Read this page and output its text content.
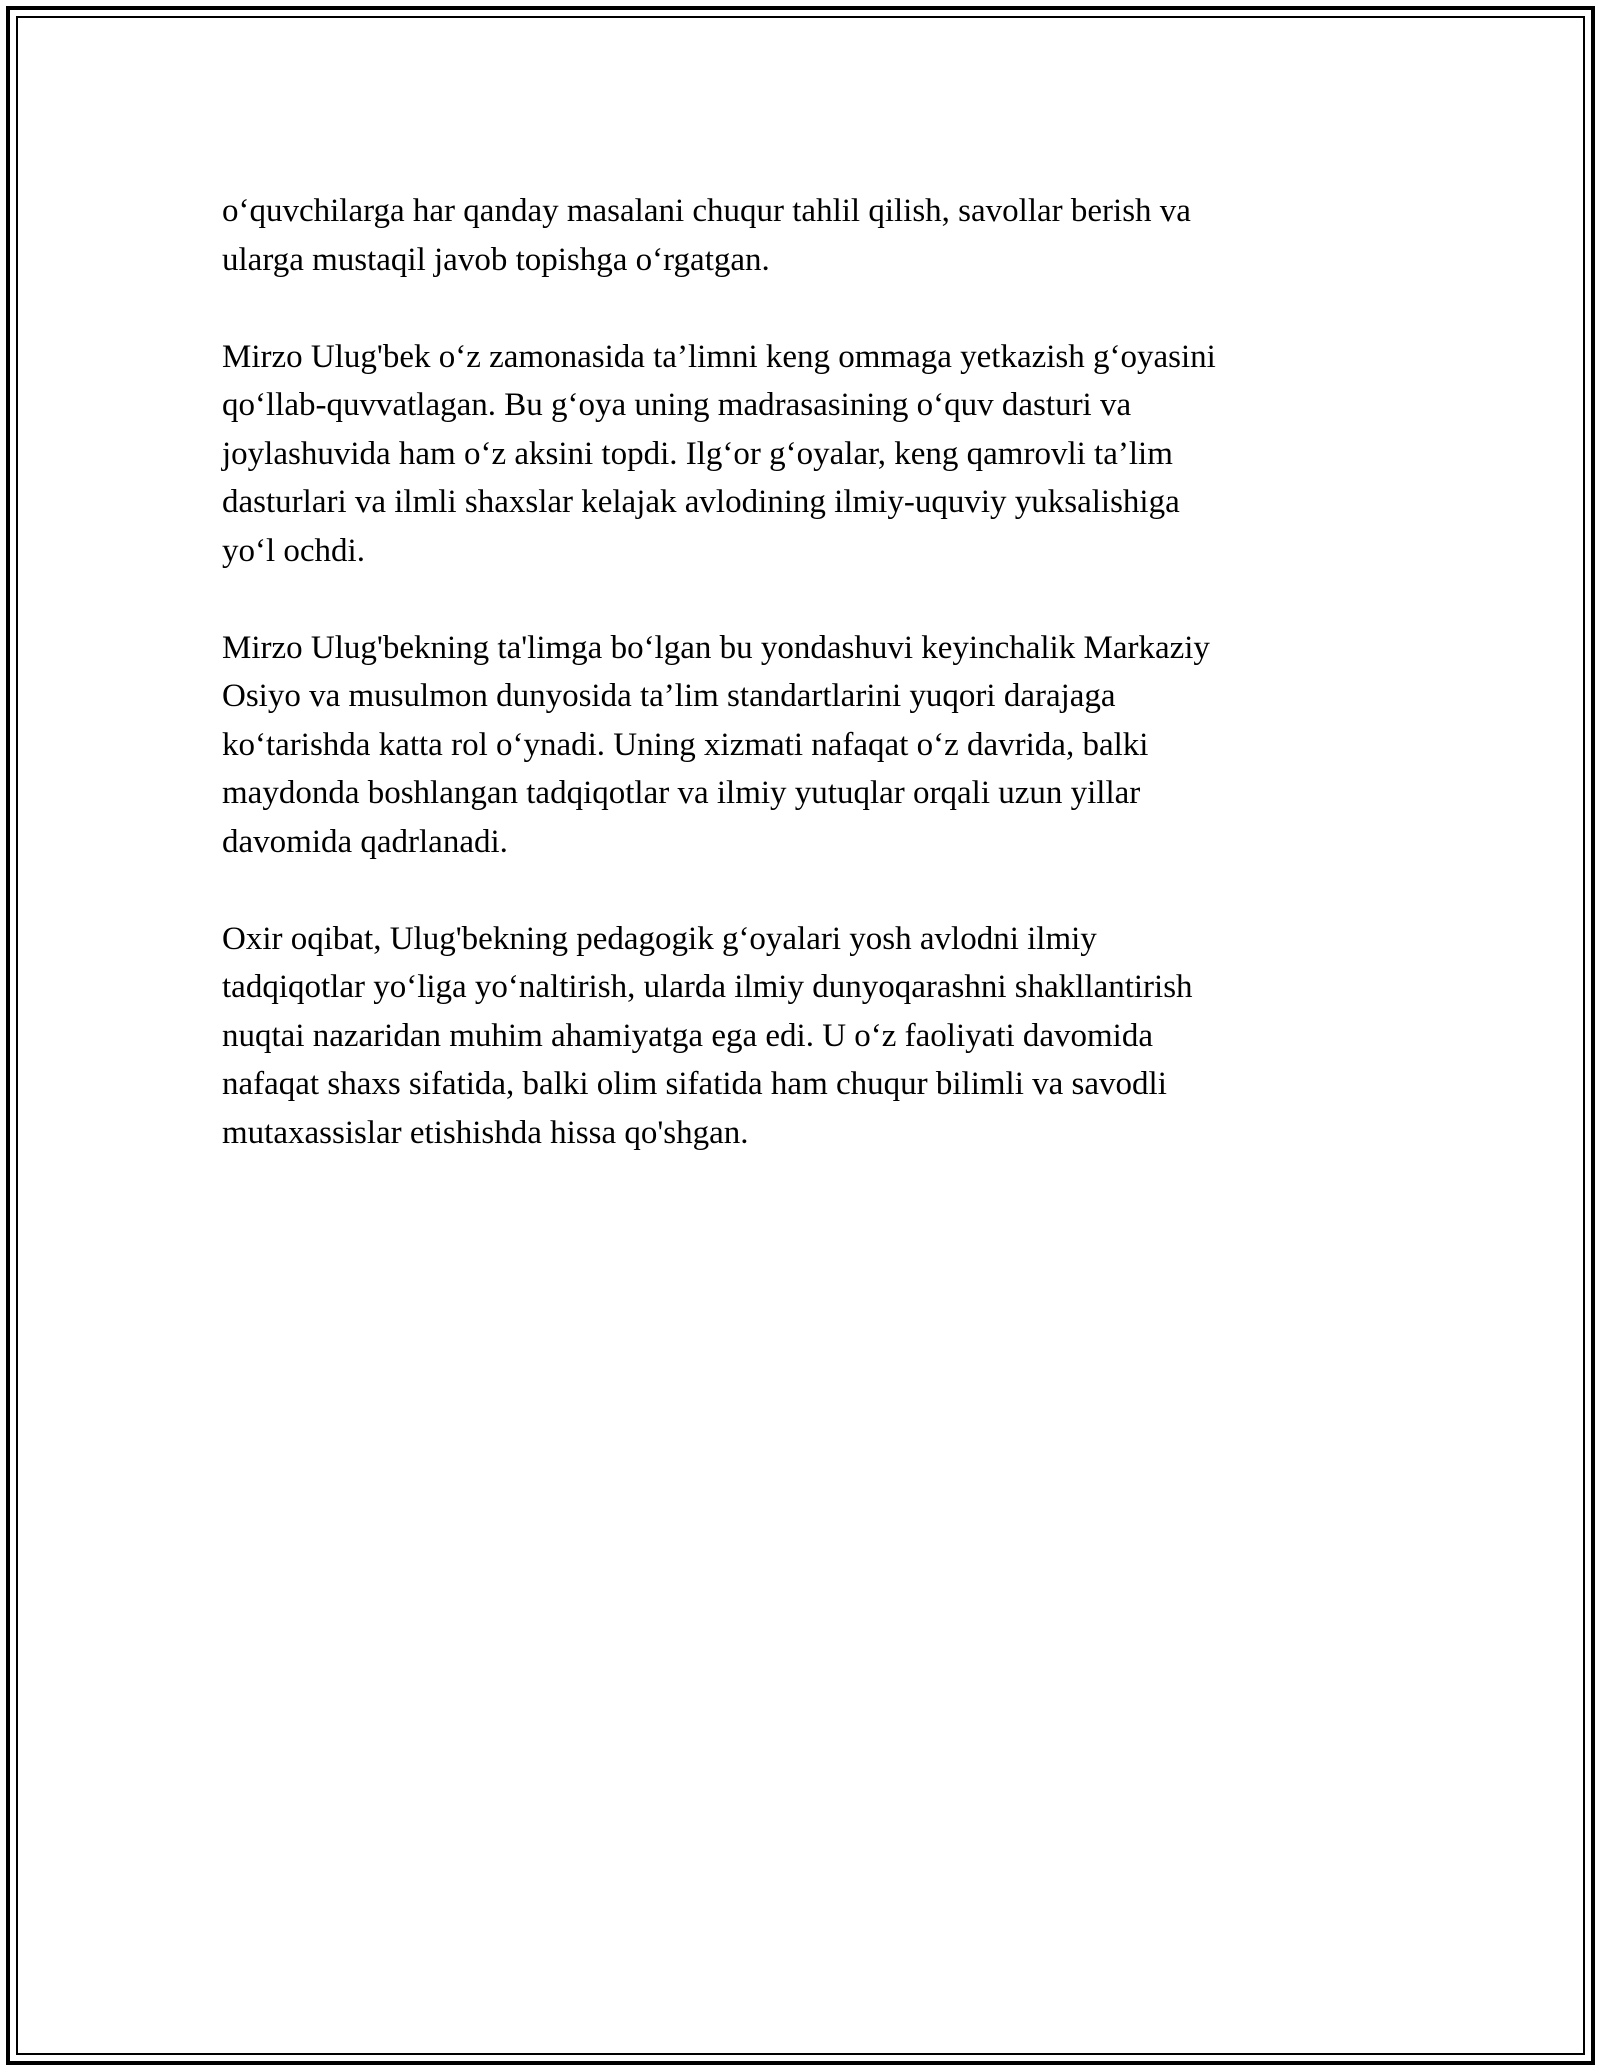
o‘quvchilarga har qanday masalani chuqur tahlil qilish, savollar berish va
ularga mustaqil javob topishga o‘rgatgan.

Mirzo Ulug'bek o‘z zamonasida ta’limni keng ommaga yetkazish g‘oyasini
qo‘llab-quvvatlagan. Bu g‘oya uning madrasasining o‘quv dasturi va
joylashuvida ham o‘z aksini topdi. Ilg‘or g‘oyalar, keng qamrovli ta’lim
dasturlari va ilmli shaxslar kelajak avlodining ilmiy-uquviy yuksalishiga
yo‘l ochdi.

Mirzo Ulug'bekning ta'limga bo‘lgan bu yondashuvi keyinchalik Markaziy
Osiyo va musulmon dunyosida ta’lim standartlarini yuqori darajaga
ko‘tarishda katta rol o‘ynadi. Uning xizmati nafaqat o‘z davrida, balki
maydonda boshlangan tadqiqotlar va ilmiy yutuqlar orqali uzun yillar
davomida qadrlanadi.

Oxir oqibat, Ulug'bekning pedagogik g‘oyalari yosh avlodni ilmiy
tadqiqotlar yo‘liga yo‘naltirish, ularda ilmiy dunyoqarashni shakllantirish
nuqtai nazaridan muhim ahamiyatga ega edi. U o‘z faoliyati davomida
nafaqat shaxs sifatida, balki olim sifatida ham chuqur bilimli va savodli
mutaxassislar etishishda hissa qo'shgan.
